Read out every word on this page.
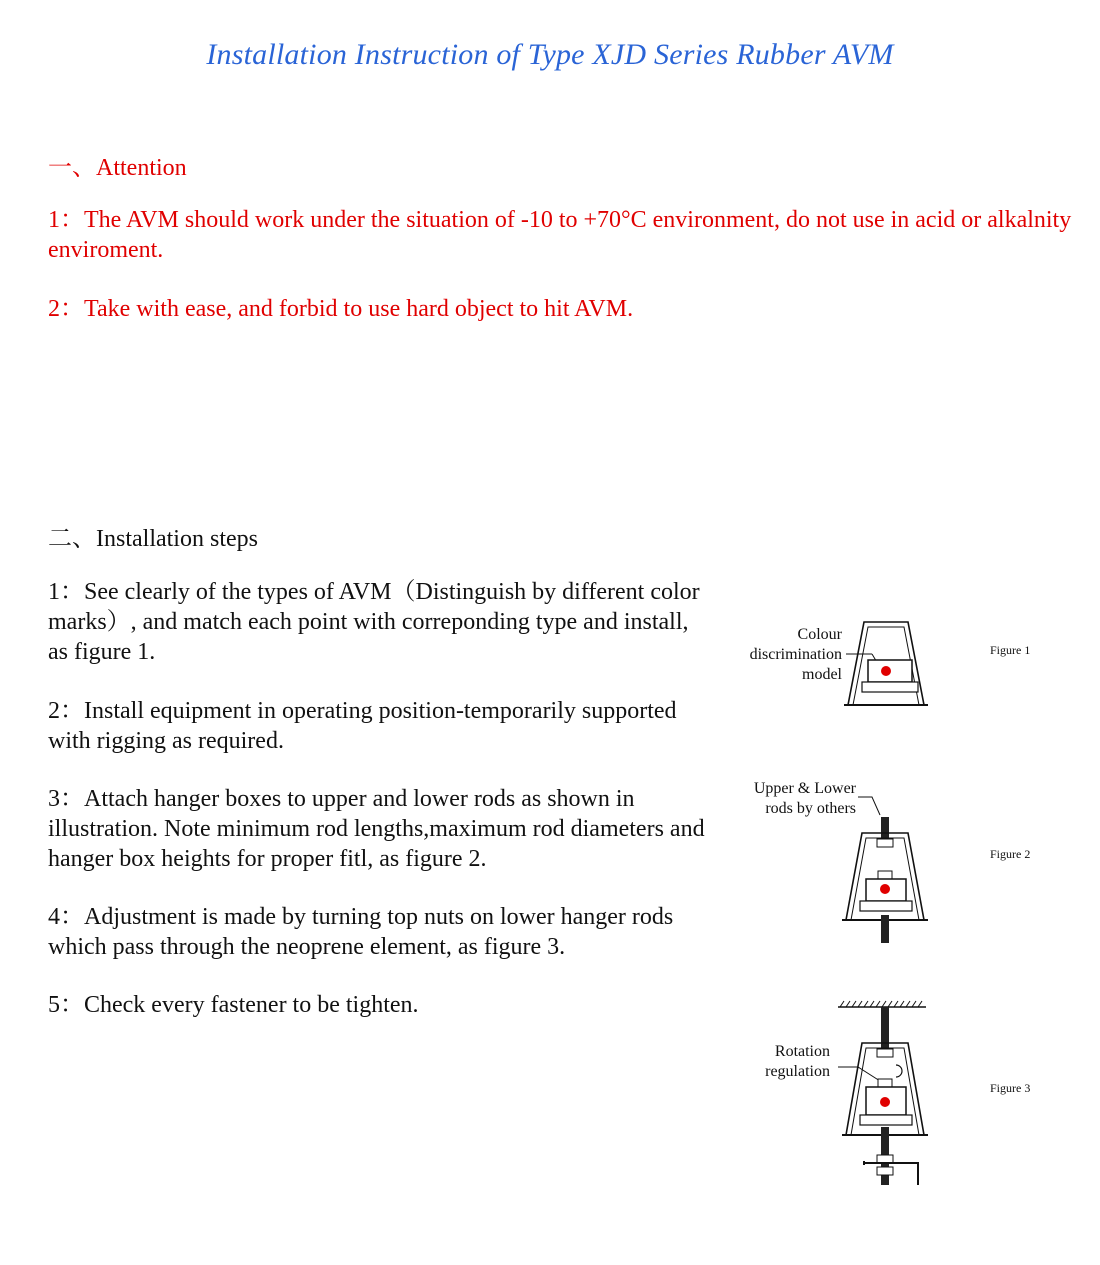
Installation Instruction of Type XJD Series Rubber AVM
一、Attention
1：The AVM should work under the situation of -10 to +70°C environment, do not use in acid or alkalnity enviroment.
2：Take with ease, and forbid to use hard object to hit AVM.
二、Installation steps
1：See clearly of the types of AVM（Distinguish by different color marks）, and match each point with correponding type and install, as figure 1.
2：Install equipment in operating position-temporarily supported with rigging as required.
3：Attach hanger boxes to upper and lower rods as shown in illustration. Note minimum rod lengths,maximum rod diameters and hanger box heights for proper fitl, as figure 2.
4：Adjustment is made by turning top nuts on lower hanger rods which pass through the neoprene element, as figure 3.
5：Check every fastener to be tighten.
Colour
discrimination
model
Figure 1
Upper & Lower
rods by others
Figure 2
Rotation
regulation
Figure 3
